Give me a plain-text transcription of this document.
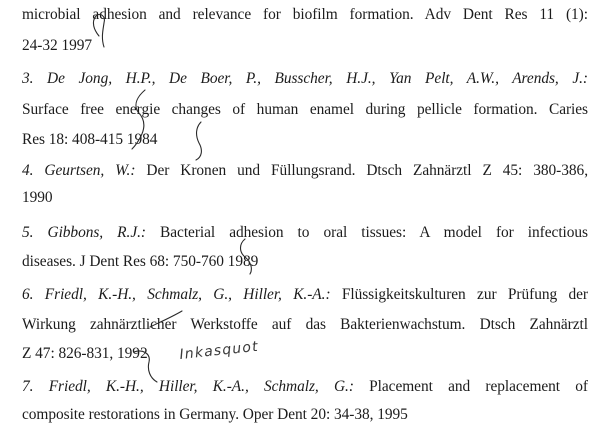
microbial adhesion and relevance for biofilm formation. Adv Dent Res 11 (1):
24-32 1997
3. De Jong, H.P., De Boer, P., Busscher, H.J., Yan Pelt, A.W., Arends, J.:
Surface free energie changes of human enamel during pellicle formation. Caries
Res 18: 408-415 1984
4. Geurtsen, W.: Der Kronen und Füllungsrand. Dtsch Zahnärztl Z 45: 380-386,
1990
5. Gibbons, R.J.: Bacterial adhesion to oral tissues: A model for infectious
diseases. J Dent Res 68: 750-760 1989
6. Friedl, K.-H., Schmalz, G., Hiller, K.-A.: Flüssigkeitskulturen zur Prüfung der
Wirkung zahnärztlicher Werkstoffe auf das Bakterienwachstum. Dtsch Zahnärztl
Z 47: 826-831, 1992
7. Friedl, K.-H., Hiller, K.-A., Schmalz, G.: Placement and replacement of
composite restorations in Germany. Oper Dent 20: 34-38, 1995
Inkasquot
